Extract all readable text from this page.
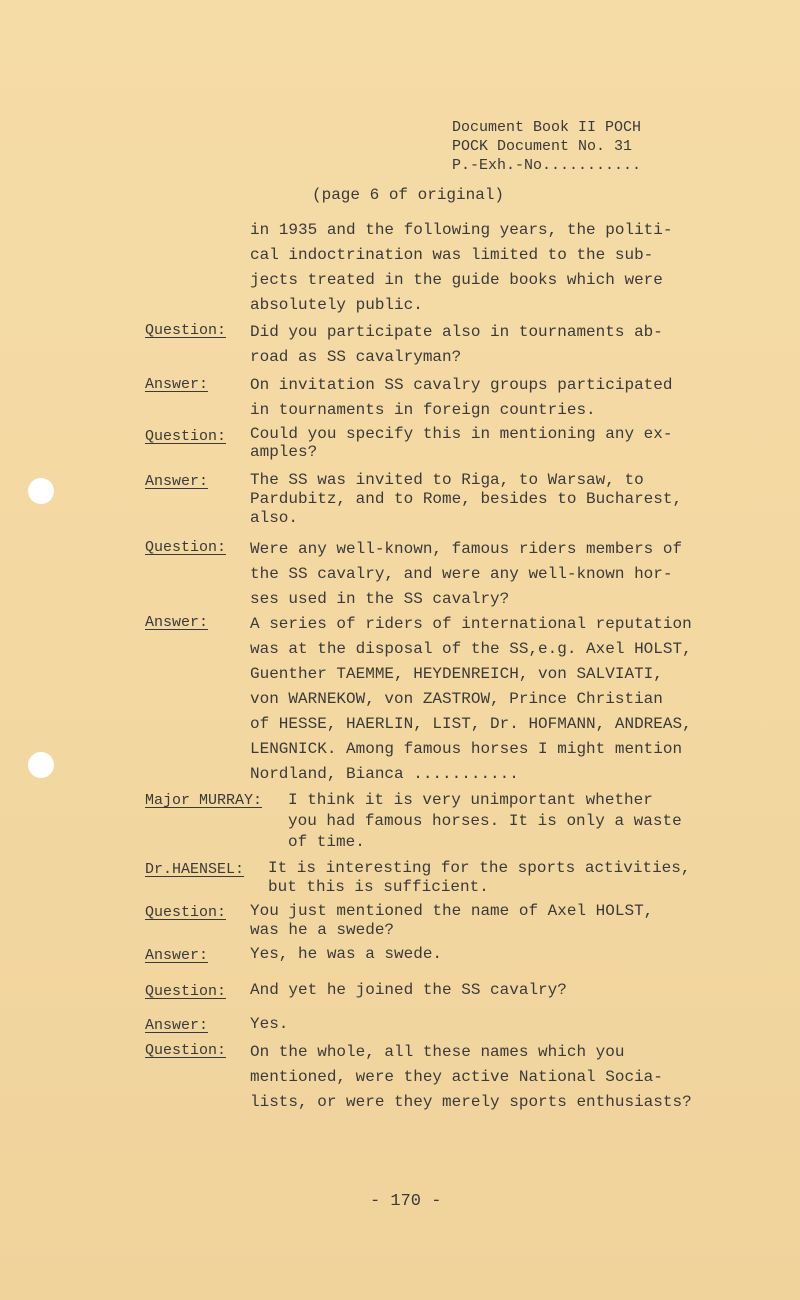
Document Book II POCH
POCK Document No. 31
P.-Exh.-No...........
(page 6 of original)
in 1935 and the following years, the politi-
cal indoctrination was limited to the sub-
jects treated in the guide books which were
absolutely public.
Question: Did you participate also in tournaments ab-
road as SS cavalryman?
Answer:	On invitation SS cavalry groups participated
in tournaments in foreign countries.
Question: Could you specify this in mentioning any ex-
amples?
Answer:	The SS was invited to Riga, to Warsaw, to
Pardubitz, and to Rome, besides to Bucharest,
also.
Question: Were any well-known, famous riders members of
the SS cavalry, and were any well-known hor-
ses used in the SS cavalry?
Answer:	A series of riders of international reputation
was at the disposal of the SS,e.g. Axel HOLST,
Guenther TAEMME, HEYDENREICH, von SALVIATI,
von WARNEKOW, von ZASTROW, Prince Christian
of HESSE, HAERLIN, LIST, Dr. HOFMANN, ANDREAS,
LENGNICK. Among famous horses I might mention
Nordland, Bianca ...........
Major MURRAY: I think it is very unimportant whether
you had famous horses. It is only a waste
of time.
Dr.HAENSEL: It is interesting for the sports activities,
but this is sufficient.
Question: You just mentioned the name of Axel HOLST,
was he a swede?
Answer:	Yes, he was a swede.
Question: And yet he joined the SS cavalry?
Answer:	Yes.
Question: On the whole, all these names which you
mentioned, were they active National Socia-
lists, or were they merely sports enthusiasts?
- 170 -
